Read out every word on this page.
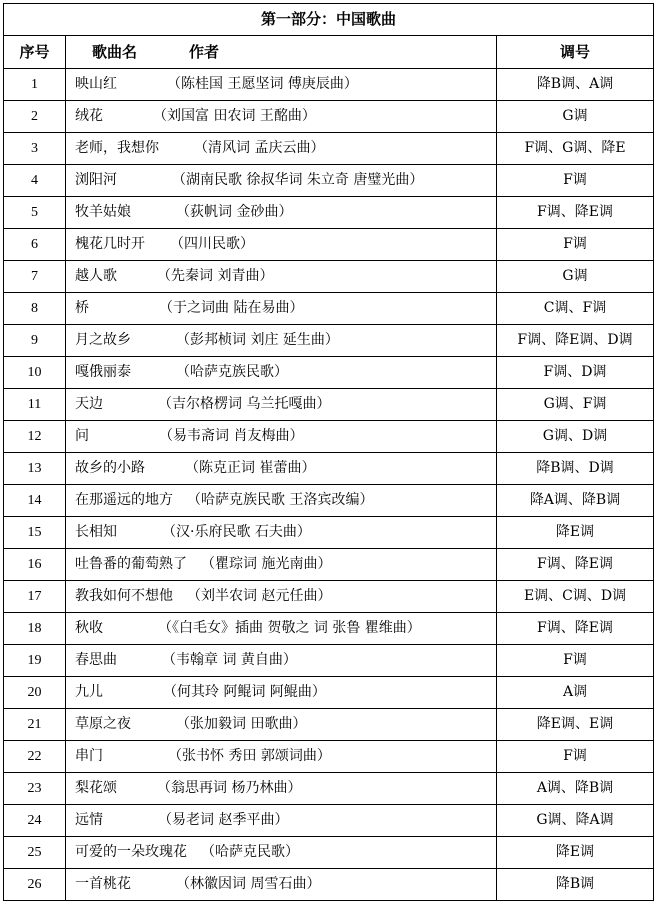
第一部分：中国歌曲		
序号	歌曲名 作者	调号
1	映山红 （陈桂国 王愿坚词 傅庚辰曲）	降B调、A调
2	绒花 （刘国富 田农词 王酩曲）	G调
3	老师，我想你 （清风词 孟庆云曲）	F调、G调、降E
4	浏阳河 （湖南民歌 徐叔华词 朱立奇 唐璧光曲）	F调
5	牧羊姑娘 （荻帆词 金砂曲）	F调、降E调
6	槐花几时开 （四川民歌）	F调
7	越人歌 （先秦词 刘青曲）	G调
8	桥 （于之词曲 陆在易曲）	C调、F调
9	月之故乡 （彭邦桢词 刘庄 延生曲）	F调、降E调、D调
10	嘎俄丽泰 （哈萨克族民歌）	F调、D调
11	天边 （吉尔格楞词 乌兰托嘎曲）	G调、F调
12	问 （易韦斋词 肖友梅曲）	G调、D调
13	故乡的小路 （陈克正词 崔蕾曲）	降B调、D调
14	在那遥远的地方 （哈萨克族民歌 王洛宾改编）	降A调、降B调
15	长相知 （汉·乐府民歌 石夫曲）	降E调
16	吐鲁番的葡萄熟了 （瞿琮词 施光南曲）	F调、降E调
17	教我如何不想他 （刘半农词 赵元任曲）	E调、C调、D调
18	秋收 （《白毛女》插曲 贺敬之 词 张鲁 瞿维曲）	F调、降E调
19	春思曲 （韦翰章 词 黄自曲）	F调
20	九儿 （何其玲 阿鲲词 阿鲲曲）	A调
21	草原之夜 （张加毅词 田歌曲）	降E调、E调
22	串门 （张书怀 秀田 郭颂词曲）	F调
23	梨花颂 （翁思再词 杨乃林曲）	A调、降B调
24	远情 （易老词 赵季平曲）	G调、降A调
25	可爱的一朵玫瑰花 （哈萨克民歌）	降E调
26	一首桃花 （林徽因词 周雪石曲）	降B调
